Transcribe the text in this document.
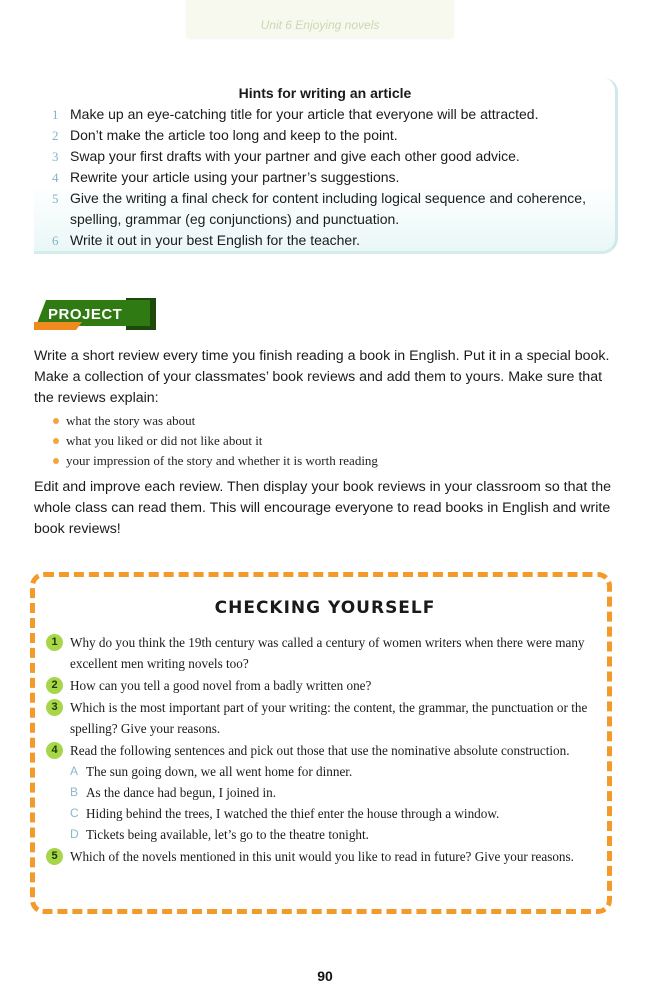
Unit 6 Enjoying novels
Hints for writing an article
1 Make up an eye-catching title for your article that everyone will be attracted.
2 Don’t make the article too long and keep to the point.
3 Swap your first drafts with your partner and give each other good advice.
4 Rewrite your article using your partner’s suggestions.
5 Give the writing a final check for content including logical sequence and coherence, spelling, grammar (eg conjunctions) and punctuation.
6 Write it out in your best English for the teacher.
PROJECT

Write a short review every time you finish reading a book in English. Put it in a special book. Make a collection of your classmates’ book reviews and add them to yours. Make sure that the reviews explain:

what the story was about
what you liked or did not like about it
your impression of the story and whether it is worth reading

Edit and improve each review. Then display your book reviews in your classroom so that the whole class can read them. This will encourage everyone to read books in English and write book reviews!

CHECKING YOURSELF
1 Why do you think the 19th century was called a century of women writers when there were many excellent men writing novels too?
2 How can you tell a good novel from a badly written one?
3 Which is the most important part of your writing: the content, the grammar, the punctuation or the spelling? Give your reasons.
4 Read the following sentences and pick out those that use the nominative absolute construction.
A The sun going down, we all went home for dinner.
B As the dance had begun, I joined in.
C Hiding behind the trees, I watched the thief enter the house through a window.
D Tickets being available, let’s go to the theatre tonight.
5 Which of the novels mentioned in this unit would you like to read in future? Give your reasons.
90
